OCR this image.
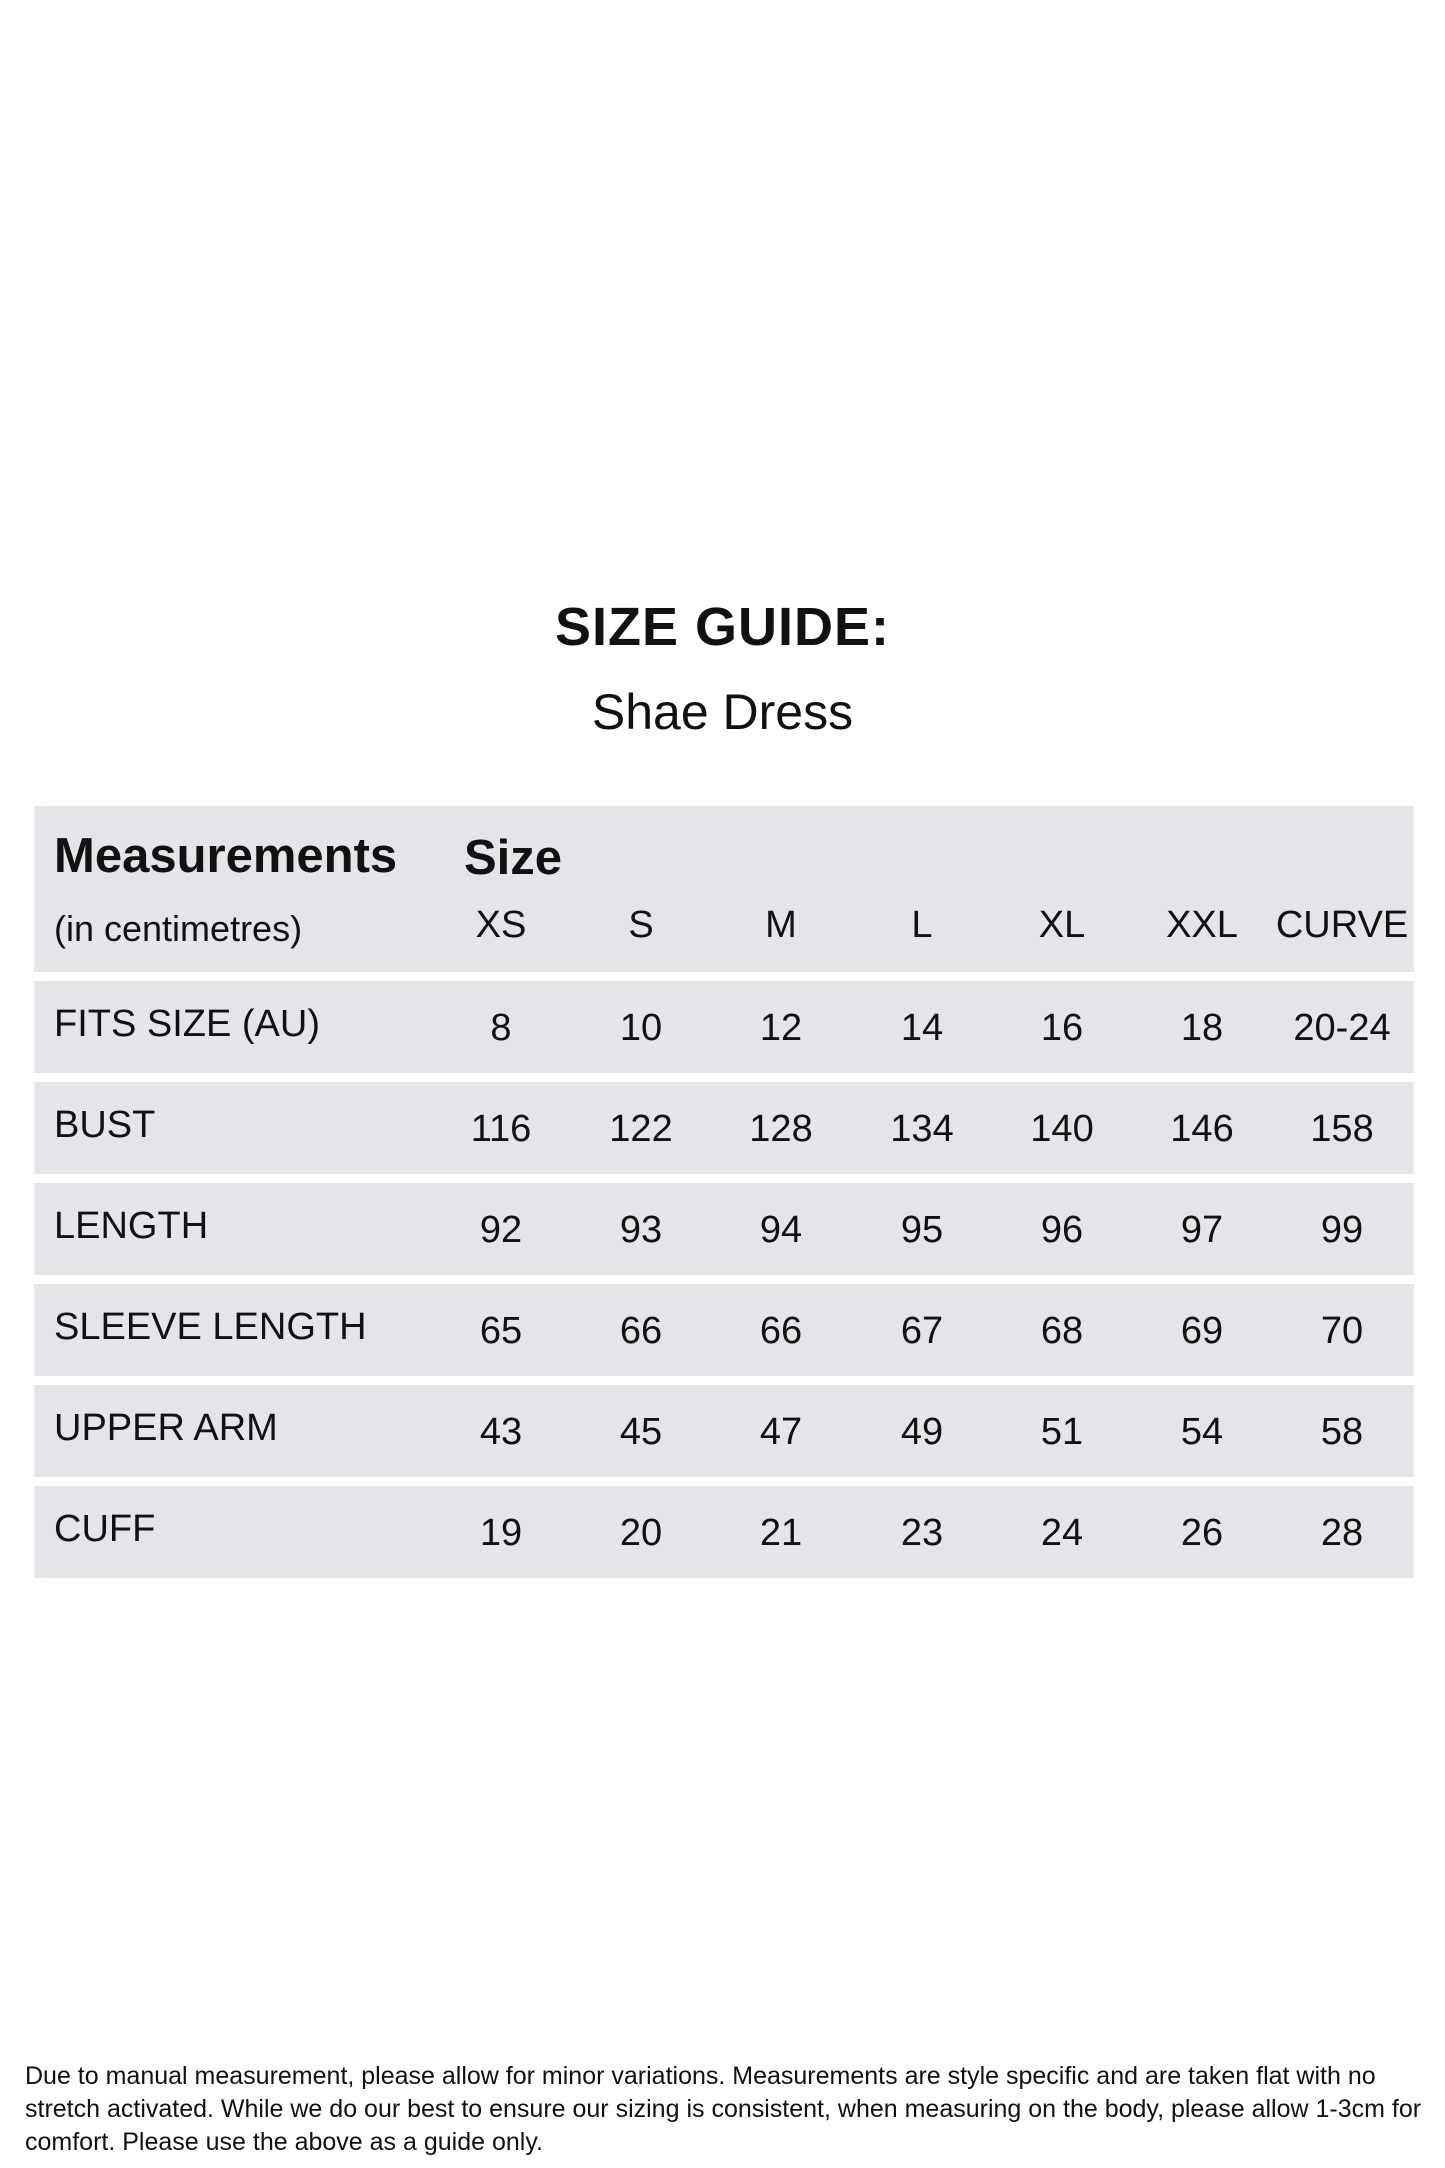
SIZE GUIDE:
Shae Dress
Measurements
(in centimetres)
Size
XS	S	M	L	XL	XXL CURVE
FITS SIZE (AU)	8	10	12	14	16	18	20-24
BUST	116	122	128	134	140	146	158
LENGTH	92	93	94	95	96	97	99
SLEEVE LENGTH	65	66	66	67	68	69	70
UPPER ARM	43	45	47	49	51	54	58
CUFF	19	20	21	23	24	26	28
Due to manual measurement, please allow for minor variations. Measurements are style specific and are taken flat with no stretch activated. While we do our best to ensure our sizing is consistent, when measuring on the body, please allow 1-3cm for comfort. Please use the above as a guide only.
